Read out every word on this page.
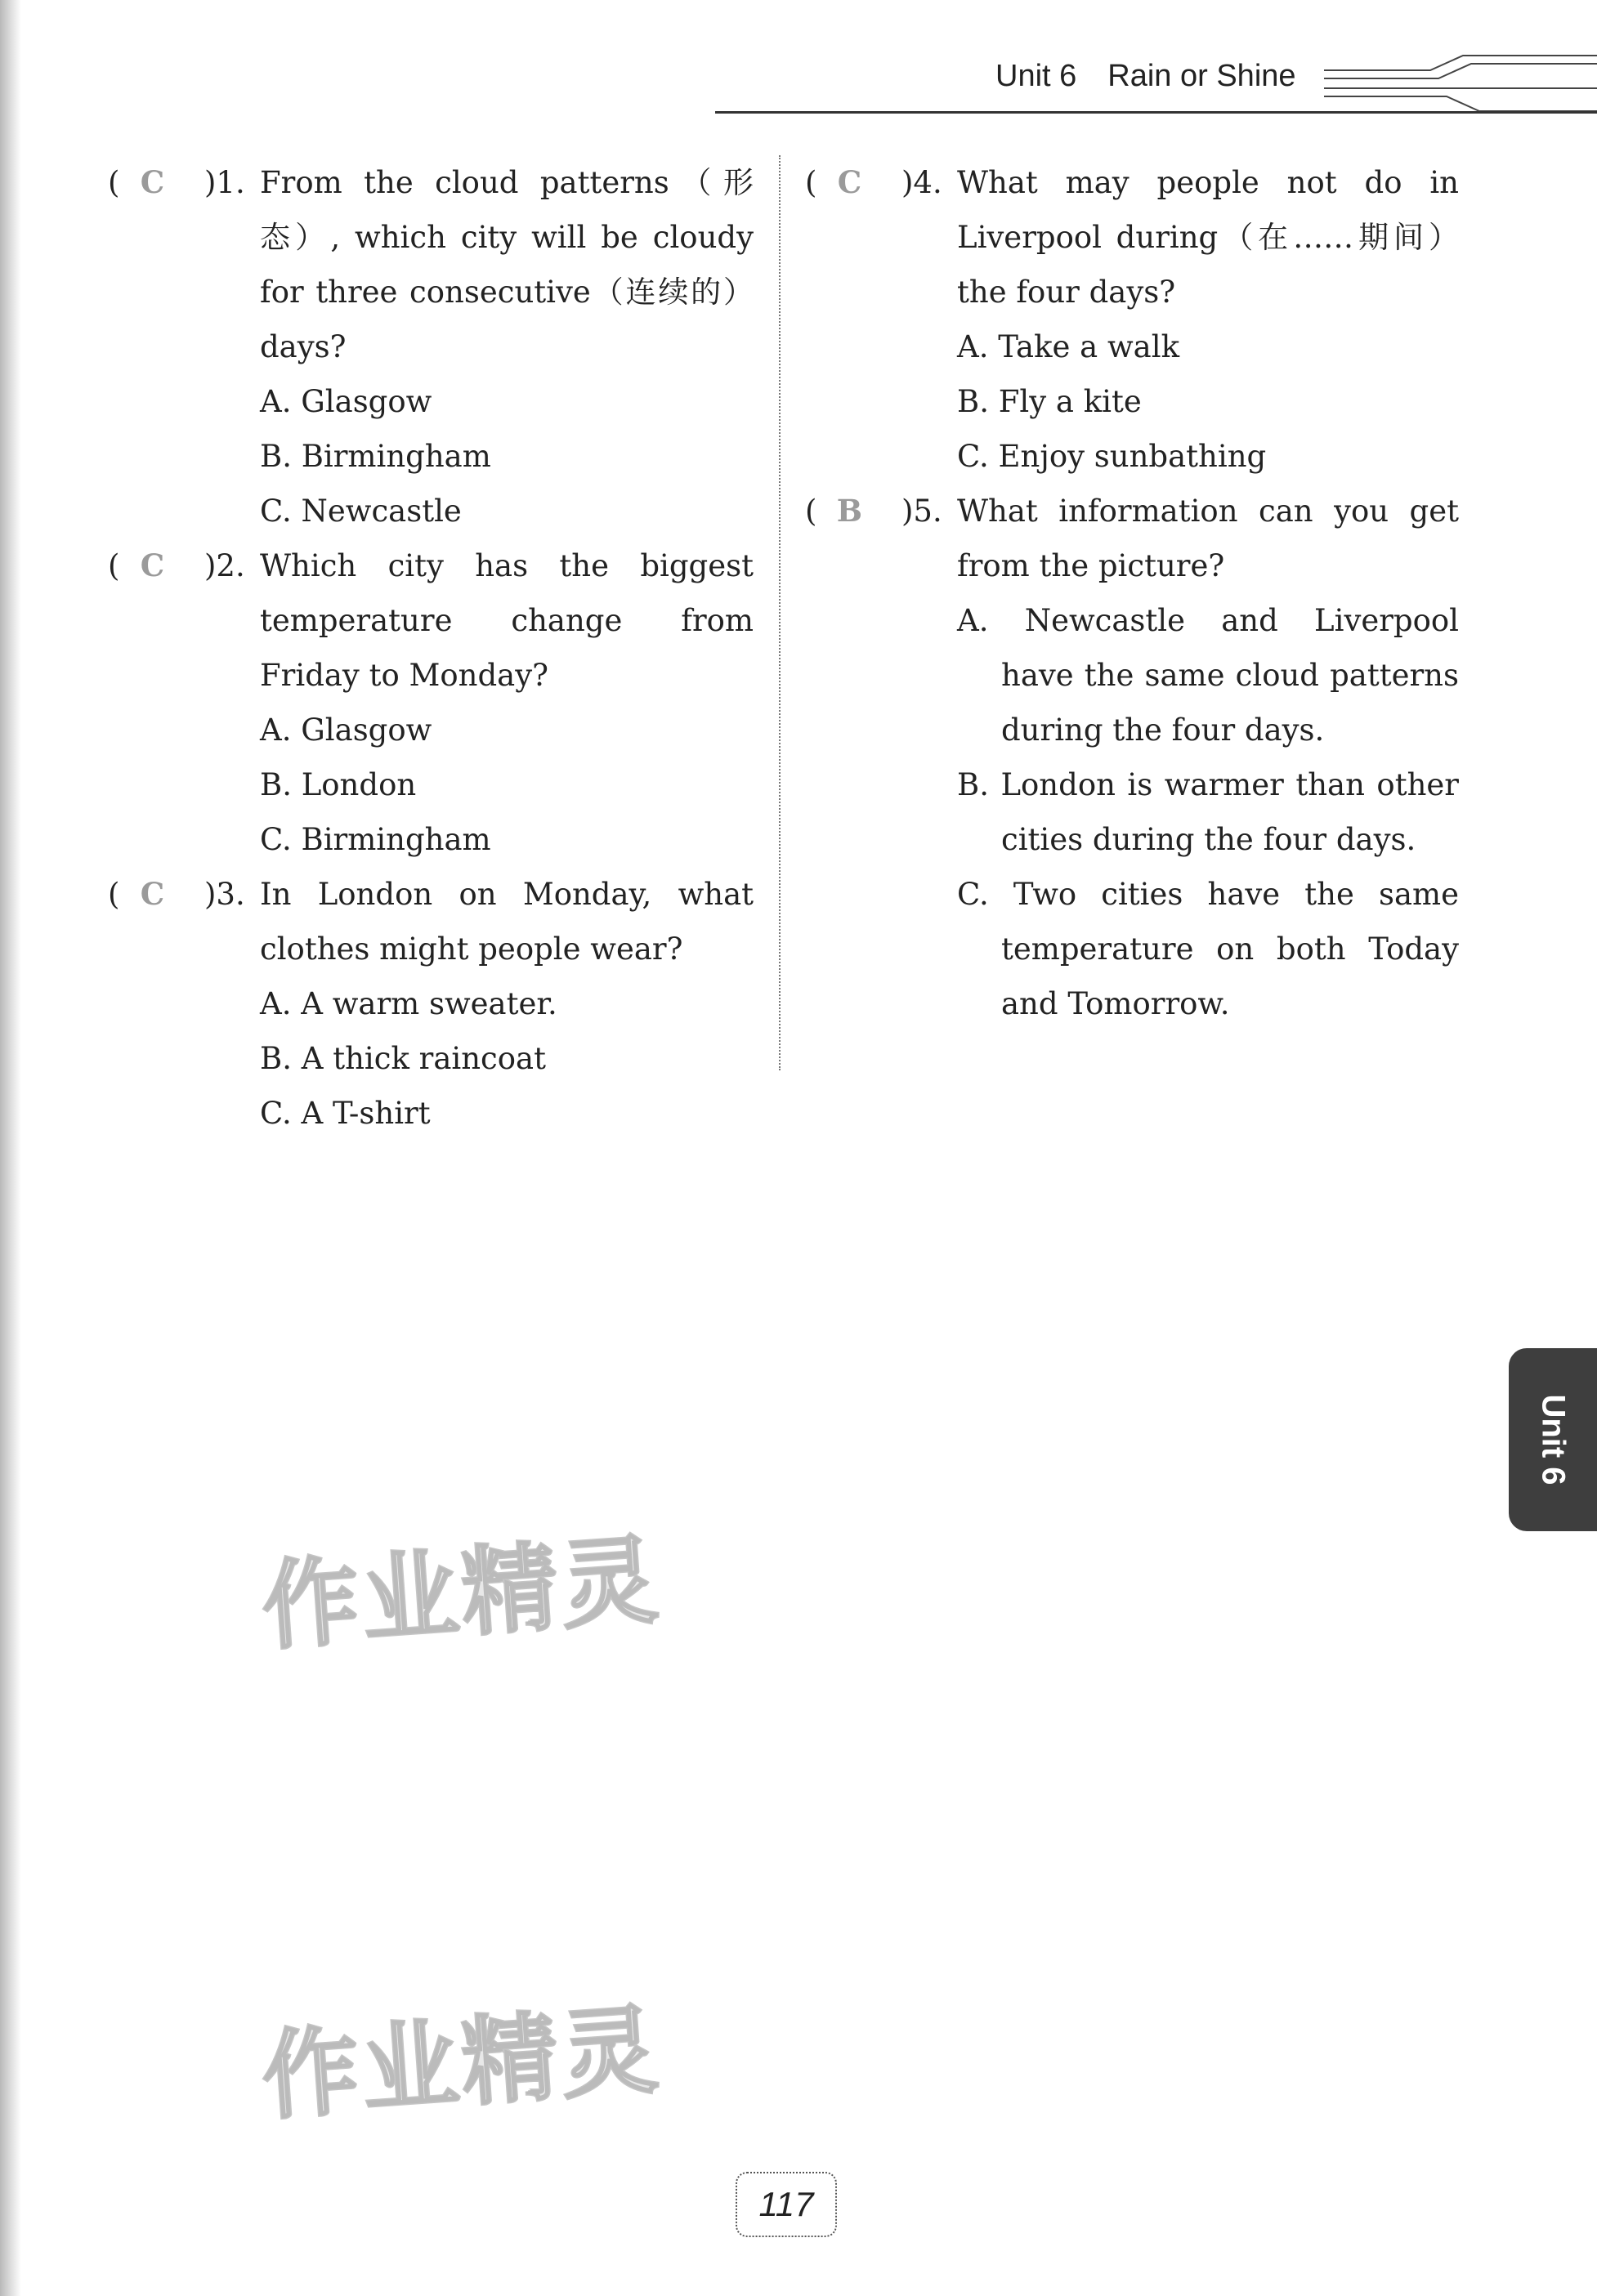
Unit 6 Rain or Shine
( C	)1. From the cloud patterns（形态）, which city will be cloudy for three consecutive（连续的）days?
A. Glasgow
B. Birmingham
C. Newcastle
( C	)2. Which city has the biggest temperature change from Friday to Monday?
A. Glasgow
B. London
C. Birmingham
( C	)3. In London on Monday, what clothes might people wear?
A. A warm sweater.
B. A thick raincoat
C. A T-shirt
( C	)4. What may people not do in Liverpool during（在……期间）the four days?
A. Take a walk
B. Fly a kite
C. Enjoy sunbathing
( B	)5. What information can you get from the picture?
A. Newcastle and Liverpool have the same cloud patterns during the four days.
B. London is warmer than other cities during the four days.
C. Two cities have the same temperature on both Today and Tomorrow.
作业精灵
作业精灵
Unit 6
117
